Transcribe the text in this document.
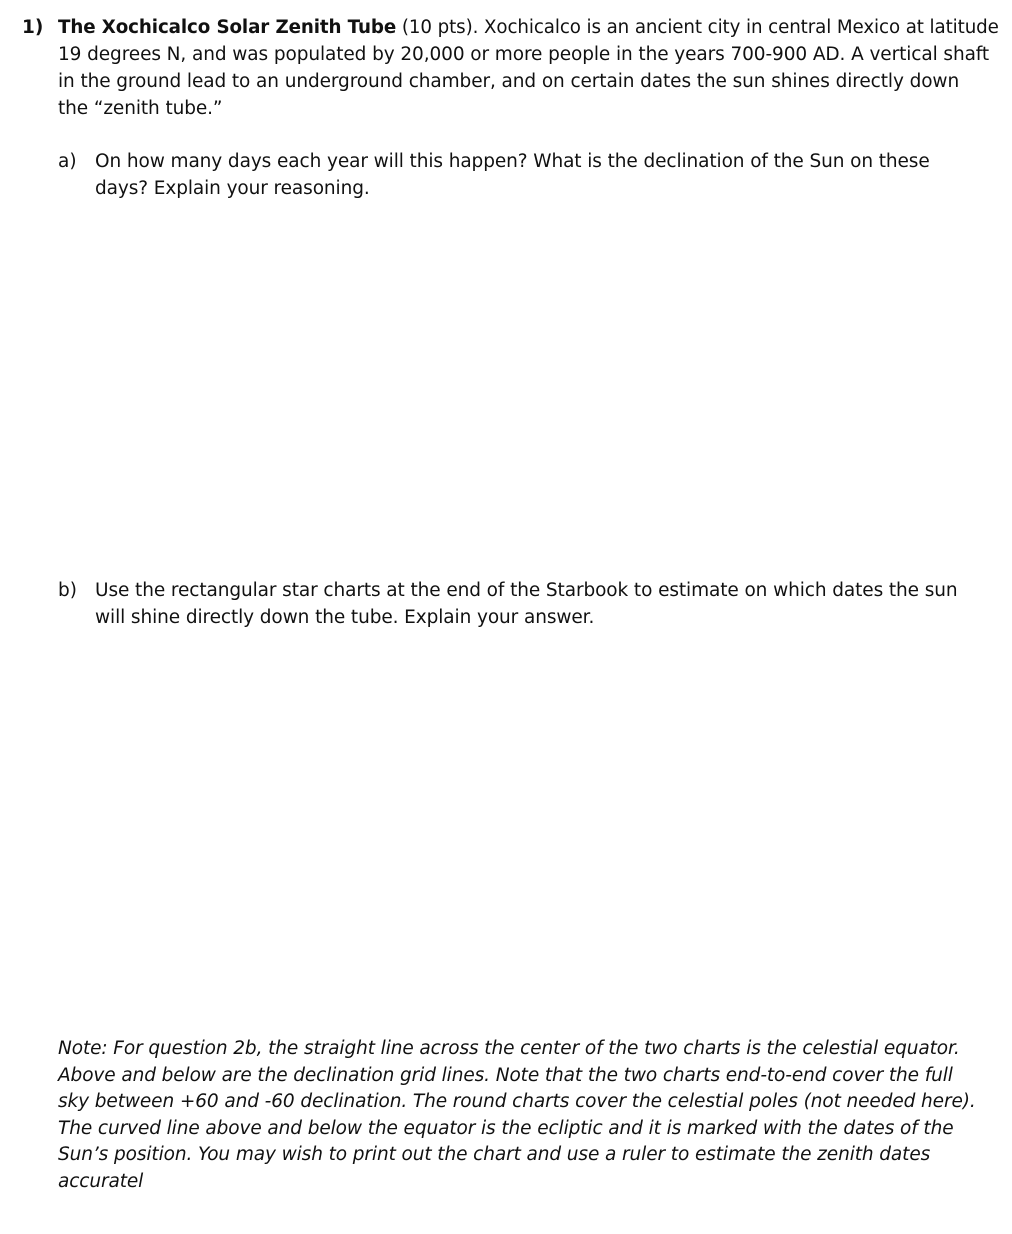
1) The Xochicalco Solar Zenith Tube (10 pts). Xochicalco is an ancient city in central Mexico at latitude
19 degrees N, and was populated by 20,000 or more people in the years 700-900 AD. A vertical shaft
in the ground lead to an underground chamber, and on certain dates the sun shines directly down
the “zenith tube.”
a) On how many days each year will this happen? What is the declination of the Sun on these
days? Explain your reasoning.
b) Use the rectangular star charts at the end of the Starbook to estimate on which dates the sun
will shine directly down the tube. Explain your answer.
Note: For question 2b, the straight line across the center of the two charts is the celestial equator.
Above and below are the declination grid lines. Note that the two charts end-to-end cover the full
sky between +60 and -60 declination. The round charts cover the celestial poles (not needed here).
The curved line above and below the equator is the ecliptic and it is marked with the dates of the
Sun’s position. You may wish to print out the chart and use a ruler to estimate the zenith dates
accuratel
